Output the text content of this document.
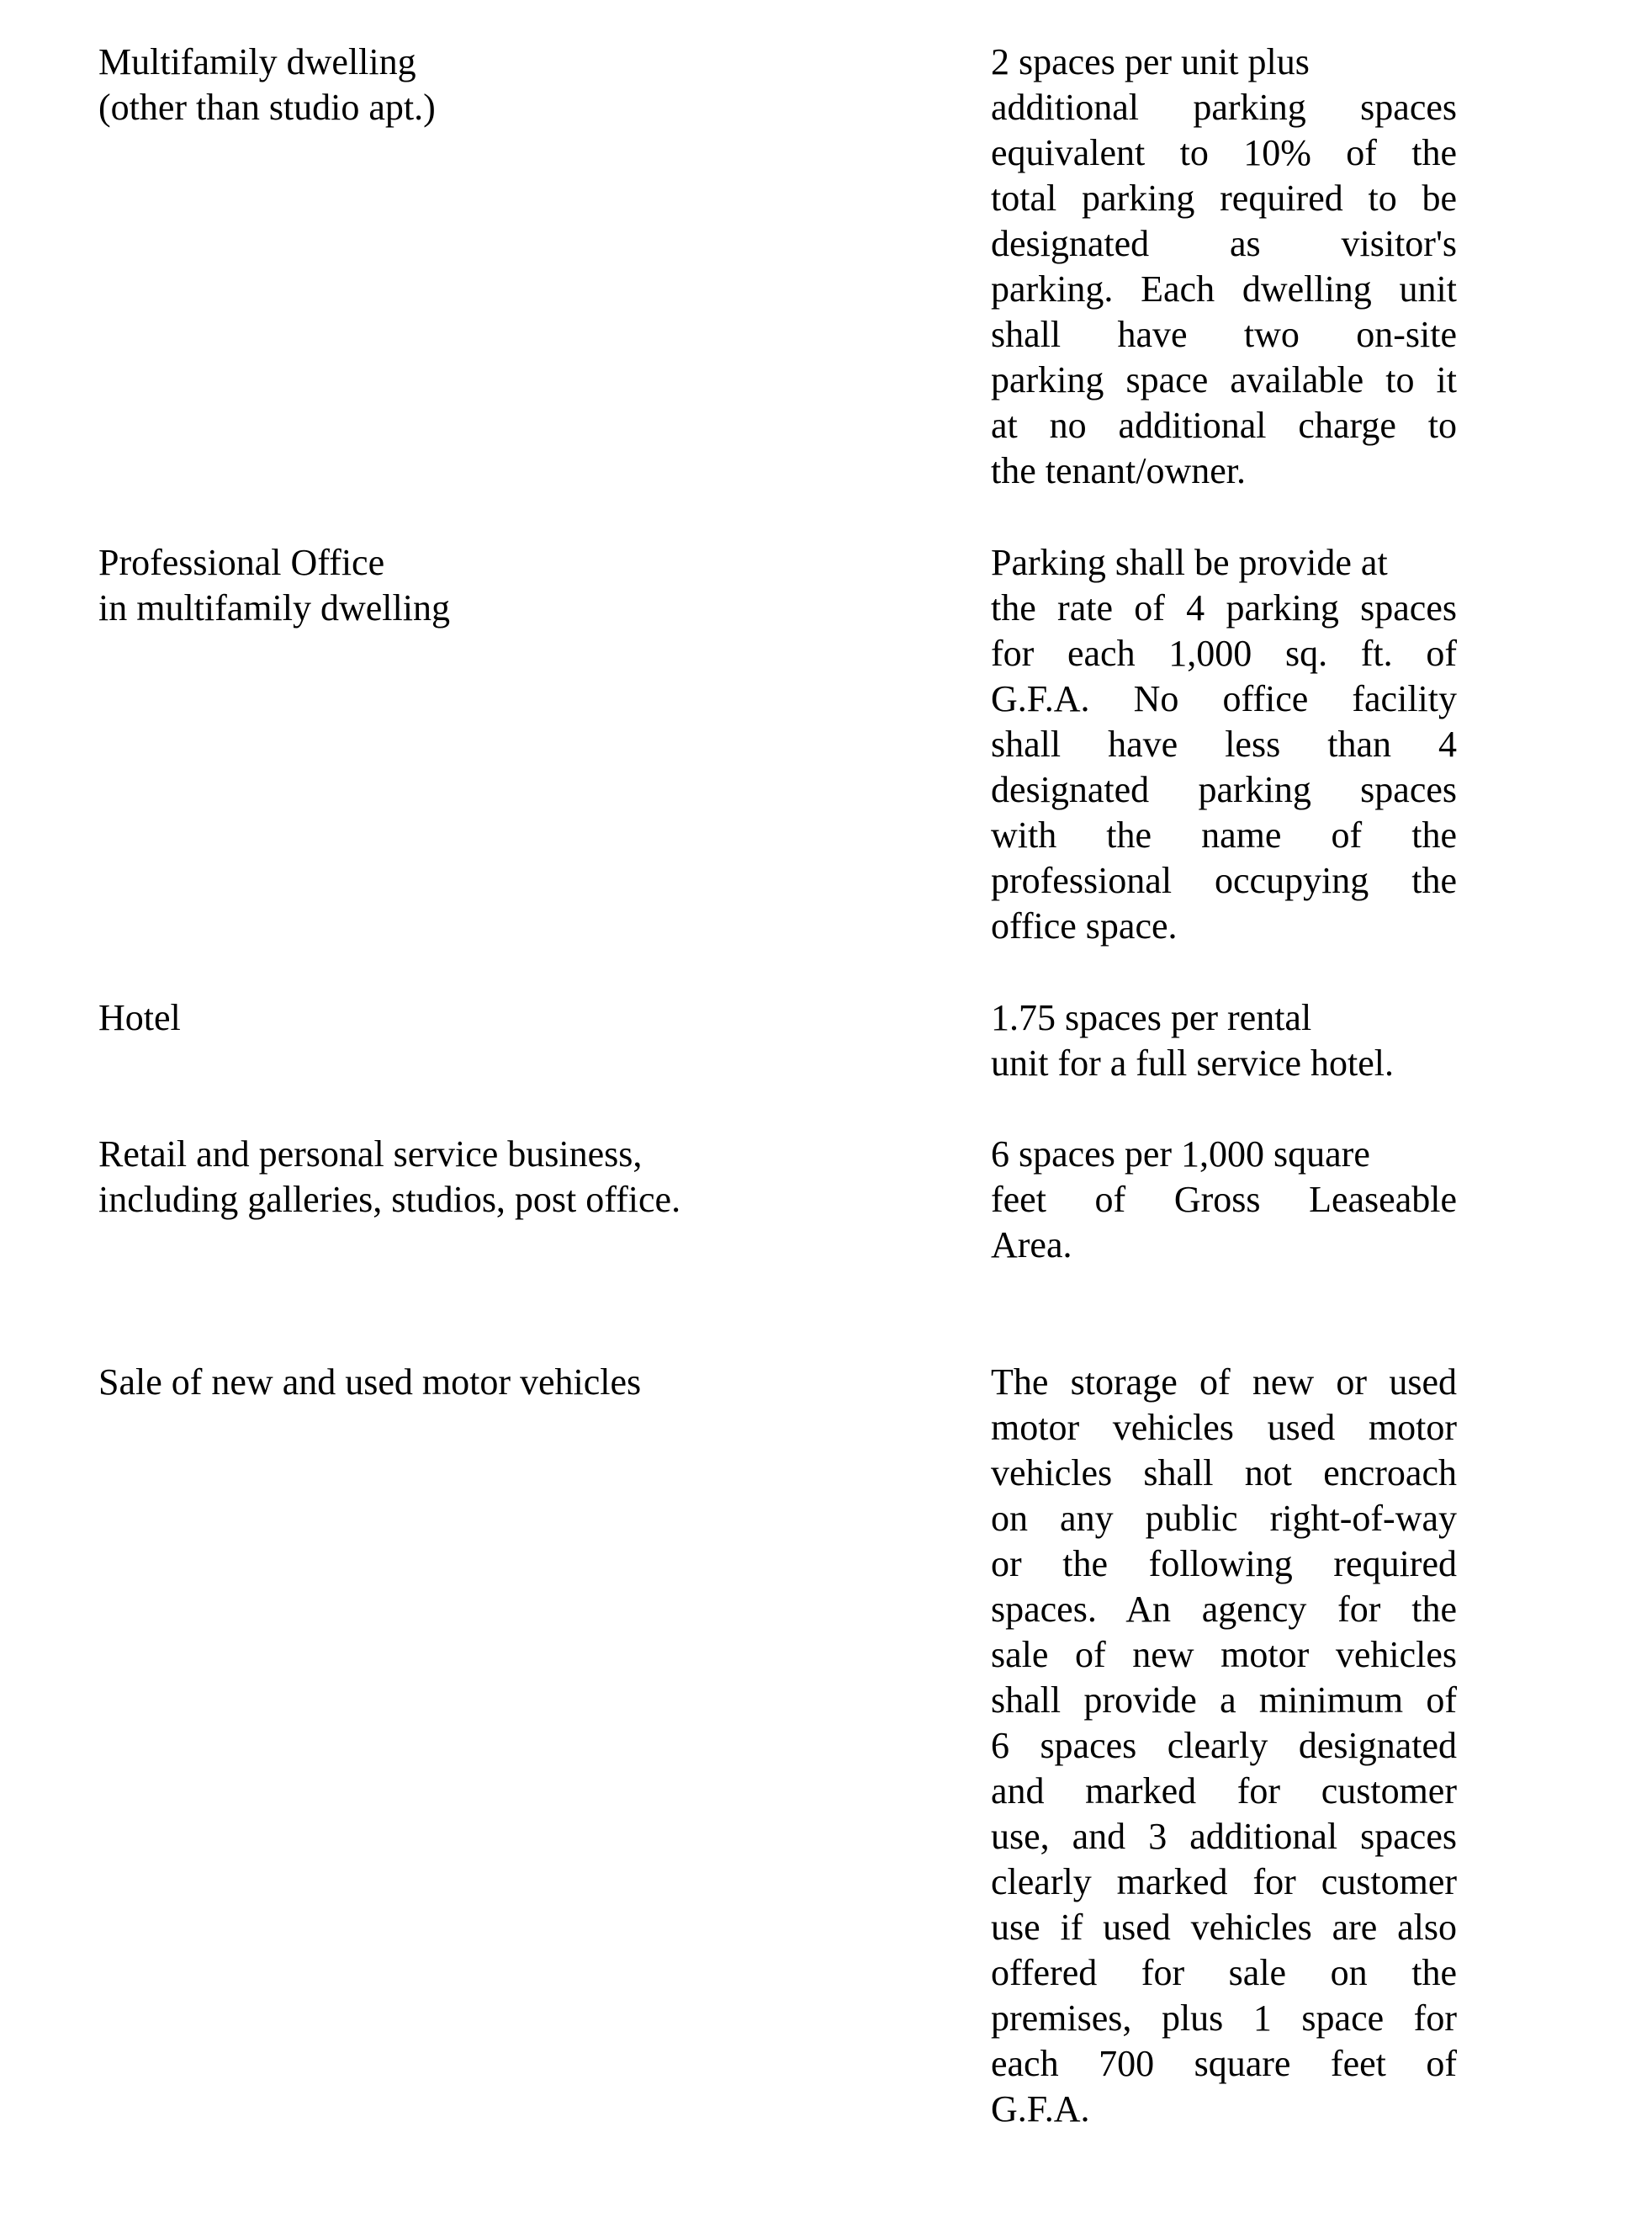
Multifamily dwelling
(other than studio apt.)
2 spaces per unit plus
additional parking spaces
equivalent to 10% of the
total parking required to be
designated as visitor's
parking. Each dwelling unit
shall have two on-site
parking space available to it
at no additional charge to
the tenant/owner.
Professional Office
in multifamily dwelling
Parking shall be provide at
the rate of 4 parking spaces
for each 1,000 sq. ft. of
G.F.A. No office facility
shall have less than 4
designated parking spaces
with the name of the
professional occupying the
office space.
Hotel	1.75 spaces per rental
unit for a full service hotel.
Retail and personal service business,
including galleries, studios, post office.
6 spaces per 1,000 square
feet of Gross Leaseable
Area.
Sale of new and used motor vehicles	The storage of new or used
motor vehicles used motor
vehicles shall not encroach
on any public right-of-way
or the following required
spaces. An agency for the
sale of new motor vehicles
shall provide a minimum of
6 spaces clearly designated
and marked for customer
use, and 3 additional spaces
clearly marked for customer
use if used vehicles are also
offered for sale on the
premises, plus 1 space for
each 700 square feet of
G.F.A.
